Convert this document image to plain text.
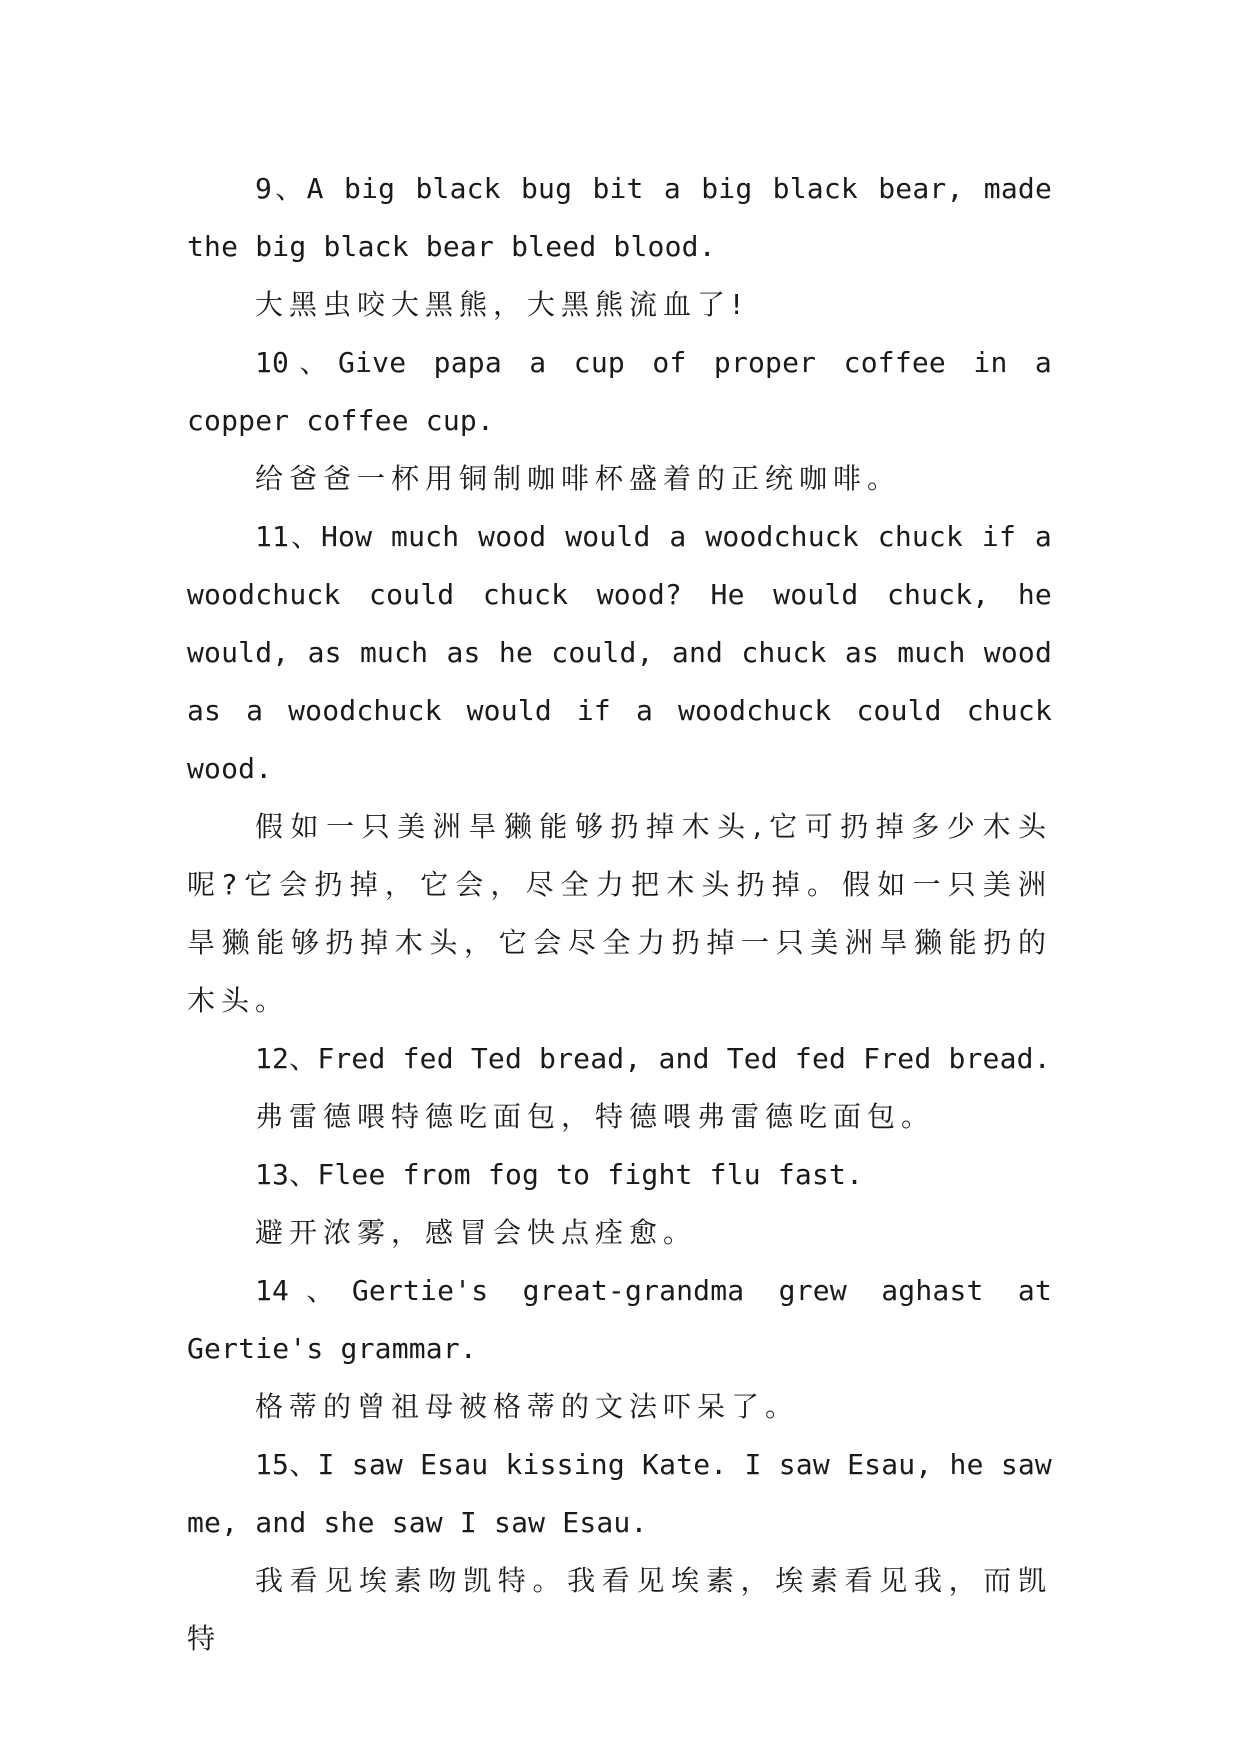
9、A big black bug bit a big black bear, made the big black bear bleed blood.

大黑虫咬大黑熊，大黑熊流血了!

10、Give papa a cup of proper coffee in a copper coffee cup.

给爸爸一杯用铜制咖啡杯盛着的正统咖啡。

11、How much wood would a woodchuck chuck if a woodchuck could chuck wood? He would chuck, he would, as much as he could, and chuck as much wood as a woodchuck would if a woodchuck could chuck wood.

假如一只美洲旱獭能够扔掉木头,它可扔掉多少木头呢?它会扔掉，它会，尽全力把木头扔掉。假如一只美洲旱獭能够扔掉木头，它会尽全力扔掉一只美洲旱獭能扔的木头。

12、Fred fed Ted bread, and Ted fed Fred bread.

弗雷德喂特德吃面包，特德喂弗雷德吃面包。

13、Flee from fog to fight flu fast.

避开浓雾，感冒会快点痊愈。

14、Gertie's great-grandma grew aghast at Gertie's grammar.

格蒂的曾祖母被格蒂的文法吓呆了。

15、I saw Esau kissing Kate. I saw Esau, he saw me, and she saw I saw Esau.

我看见埃素吻凯特。我看见埃素，埃素看见我，而凯特
